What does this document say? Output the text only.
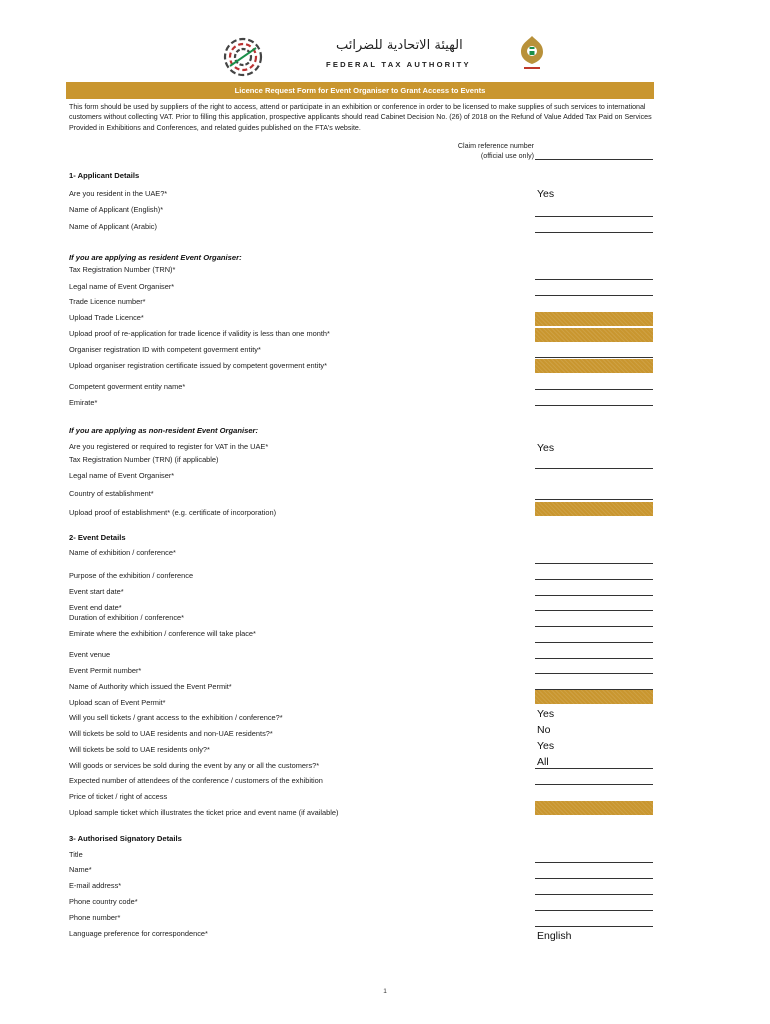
الهيئة الاتحادية للضرائب
FEDERAL TAX AUTHORITY
Licence Request Form for Event Organiser to Grant Access to Events
This form should be used by suppliers of the right to access, attend or participate in an exhibition or conference in order to be licensed to make supplies of such services to international customers without collecting VAT. Prior to filling this application, prospective applicants should read Cabinet Decision No. (26) of 2018 on the Refund of Value Added Tax Paid on Services Provided in Exhibitions and Conferences, and related guides published on the FTA's website.
Claim reference number
(official use only)
1- Applicant Details
Are you resident in the UAE?*	Yes
Name of Applicant (English)*
Name of Applicant (Arabic)
If you are applying as resident Event Organiser:
Tax Registration Number (TRN)*
Legal name of Event Organiser*
Trade Licence number*
Upload Trade Licence*
Upload proof of re-application for trade licence if validity is less than one month*
Organiser registration ID with competent goverment entity*
Upload organiser registration certificate issued by competent goverment entity*
Competent goverment entity name*
Emirate*
If you are applying as non-resident Event Organiser:
Are you registered or required to register for VAT in the UAE*	Yes
Tax Registration Number (TRN) (if applicable)
Legal name of Event Organiser*
Country of establishment*
Upload proof of establishment* (e.g. certificate of incorporation)
2- Event Details
Name of exhibition / conference*
Purpose of the exhibition / conference
Event start date*
Event end date*
Duration of exhibition / conference*
Emirate where the exhibition / conference will take place*
Event venue
Event Permit number*
Name of Authority which issued the Event Permit*
Upload scan of Event Permit*
Will you sell tickets / grant access to the exhibition / conference?*	Yes
Will tickets be sold to UAE residents and non-UAE residents?*	No
Will tickets be sold to UAE residents only?*	Yes
Will goods or services be sold during the event by any or all the customers?*	All
Expected number of attendees of the conference / customers of the exhibition
Price of ticket / right of access
Upload sample ticket which illustrates the ticket price and event name (if available)
3- Authorised Signatory Details
Title
Name*
E-mail address*
Phone country code*
Phone number*
Language preference for correspondence*	English
1
